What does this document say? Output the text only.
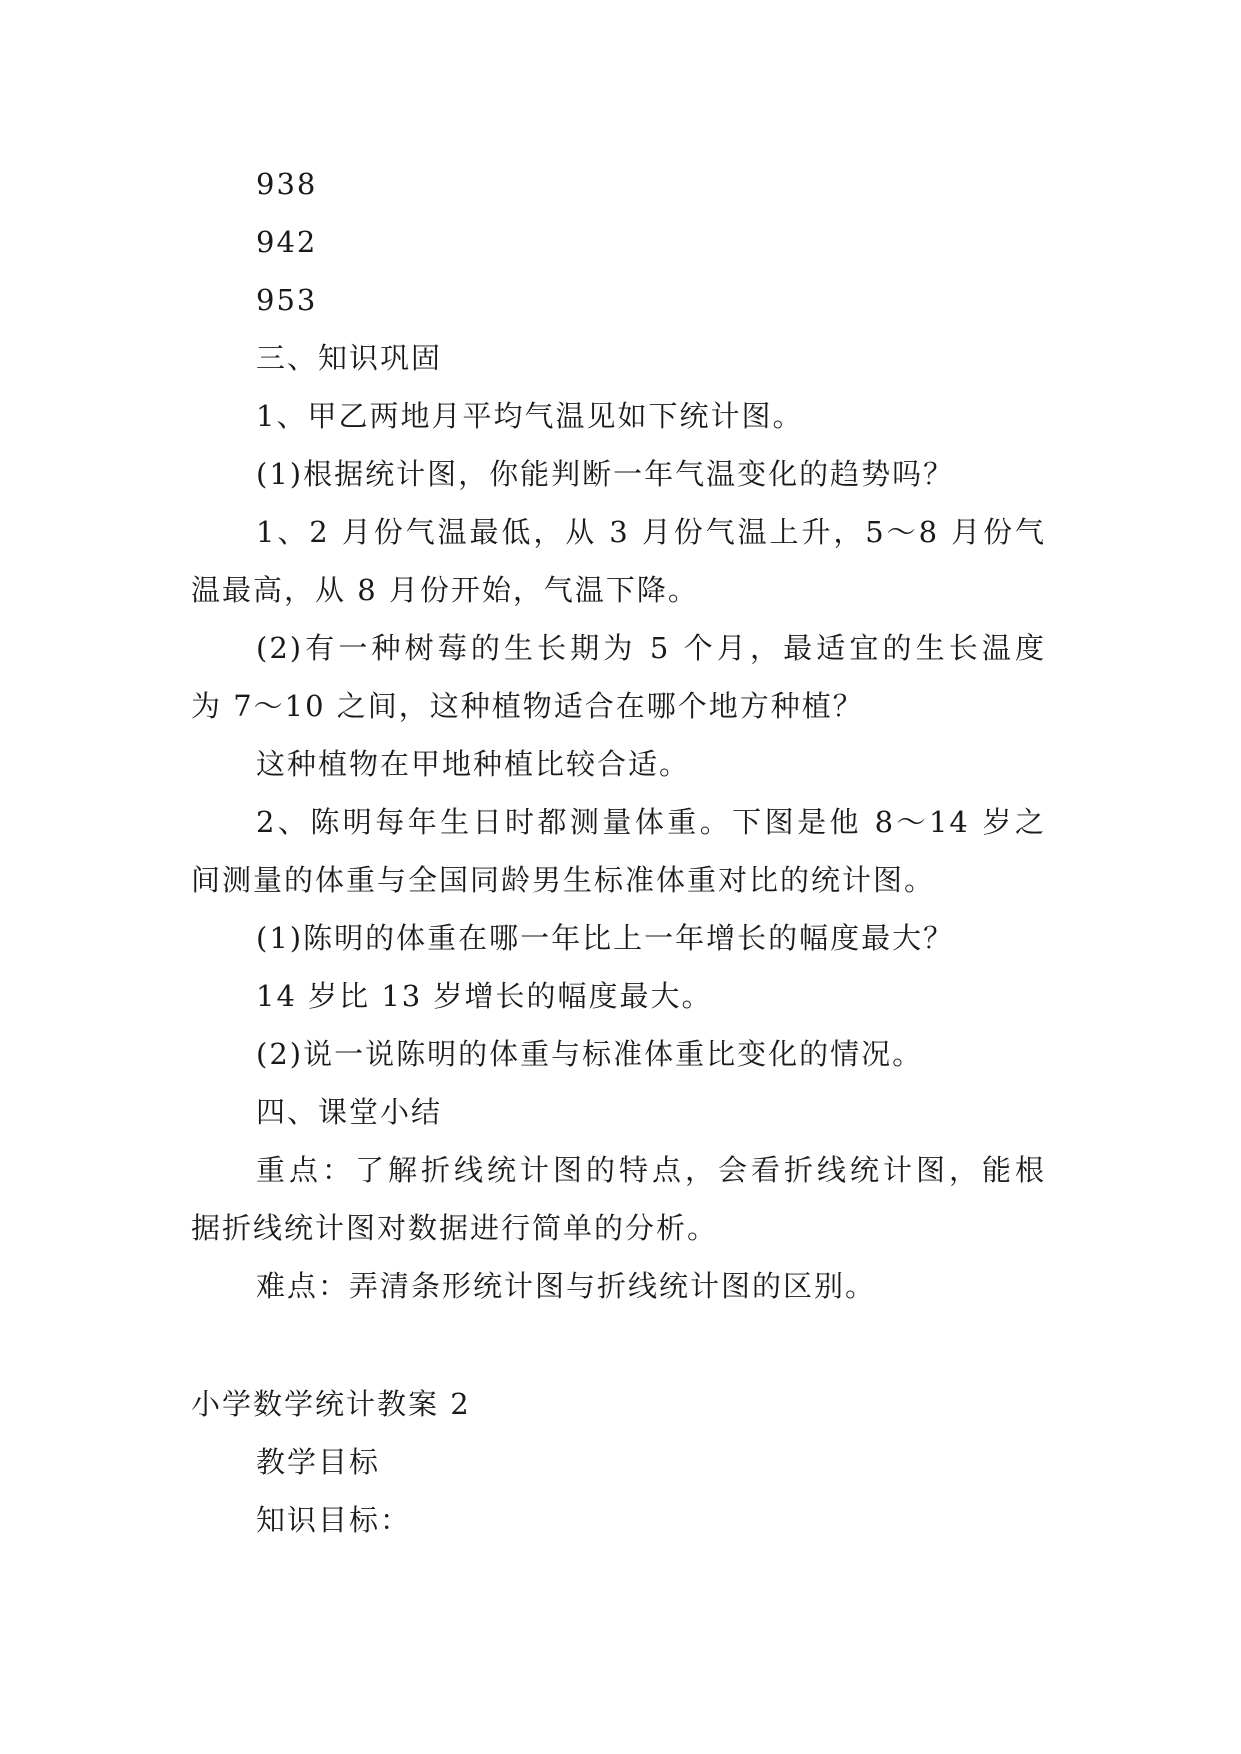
938

942

953

三、知识巩固

1、甲乙两地月平均气温见如下统计图。

(1)根据统计图，你能判断一年气温变化的趋势吗？

1、2 月份气温最低，从 3 月份气温上升，5～8 月份气

温最高，从 8 月份开始，气温下降。

(2)有一种树莓的生长期为 5 个月，最适宜的生长温度

为 7～10 之间，这种植物适合在哪个地方种植？

这种植物在甲地种植比较合适。

2、陈明每年生日时都测量体重。下图是他 8～14 岁之

间测量的体重与全国同龄男生标准体重对比的统计图。

(1)陈明的体重在哪一年比上一年增长的幅度最大？

14 岁比 13 岁增长的幅度最大。

(2)说一说陈明的体重与标准体重比变化的情况。

四、课堂小结

重点：了解折线统计图的特点，会看折线统计图，能根

据折线统计图对数据进行简单的分析。

难点：弄清条形统计图与折线统计图的区别。

小学数学统计教案 2

教学目标

知识目标：
